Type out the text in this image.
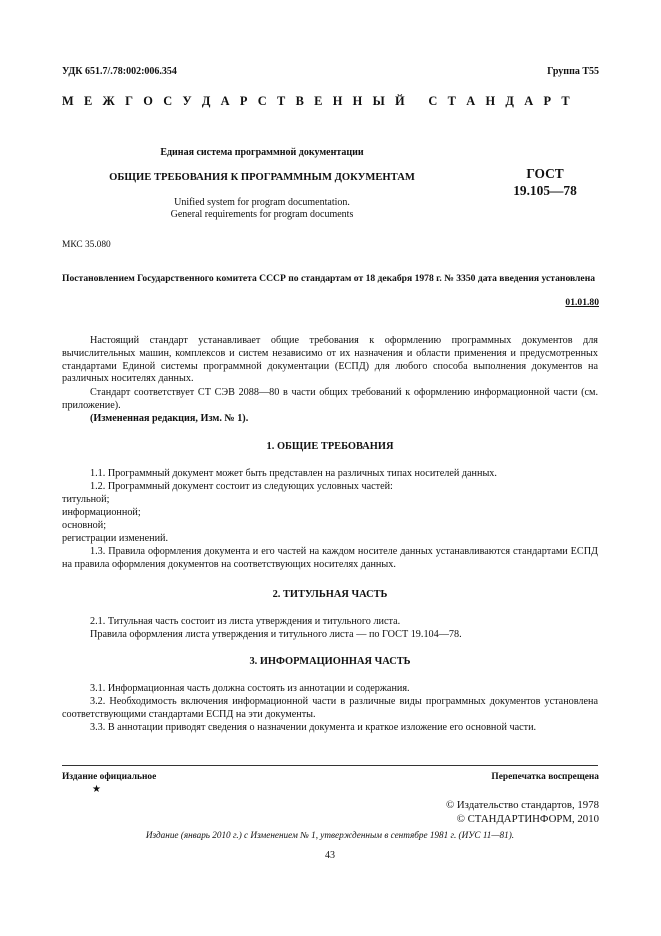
УДК 651.7/.78:002:006.354	Группа Т55
М Е Ж Г О С У Д А Р С Т В Е Н Н Ы Й   С Т А Н Д А Р Т
Единая система программной документации
ОБЩИЕ ТРЕБОВАНИЯ К ПРОГРАММНЫМ ДОКУМЕНТАМ
Unified system for program documentation.
General requirements for program documents
ГОСТ
19.105—78
МКС 35.080
Постановлением Государственного комитета СССР по стандартам от 18 декабря 1978 г. № 3350 дата введения установлена
01.01.80
Настоящий стандарт устанавливает общие требования к оформлению программных документов для вычислительных машин, комплексов и систем независимо от их назначения и области применения и предусмотренных стандартами Единой системы программной документации (ЕСПД) для любого способа выполнения документов на различных носителях данных.
Стандарт соответствует СТ СЭВ 2088—80 в части общих требований к оформлению информационной части (см. приложение).
(Измененная редакция, Изм. № 1).
1. ОБЩИЕ ТРЕБОВАНИЯ
1.1. Программный документ может быть представлен на различных типах носителей данных.
1.2. Программный документ состоит из следующих условных частей:
титульной;
информационной;
основной;
регистрации изменений.
1.3. Правила оформления документа и его частей на каждом носителе данных устанавливаются стандартами ЕСПД на правила оформления документов на соответствующих носителях данных.
2. ТИТУЛЬНАЯ ЧАСТЬ
2.1. Титульная часть состоит из листа утверждения и титульного листа.
Правила оформления листа утверждения и титульного листа — по ГОСТ 19.104—78.
3. ИНФОРМАЦИОННАЯ ЧАСТЬ
3.1. Информационная часть должна состоять из аннотации и содержания.
3.2. Необходимость включения информационной части в различные виды программных документов установлена соответствующими стандартами ЕСПД на эти документы.
3.3. В аннотации приводят сведения о назначении документа и краткое изложение его основной части.
Издание официальное	Перепечатка воспрещена
★
© Издательство стандартов, 1978
© СТАНДАРТИНФОРМ, 2010
Издание (январь 2010 г.) с Изменением № 1, утвержденным в сентябре 1981 г. (ИУС 11—81).
43
